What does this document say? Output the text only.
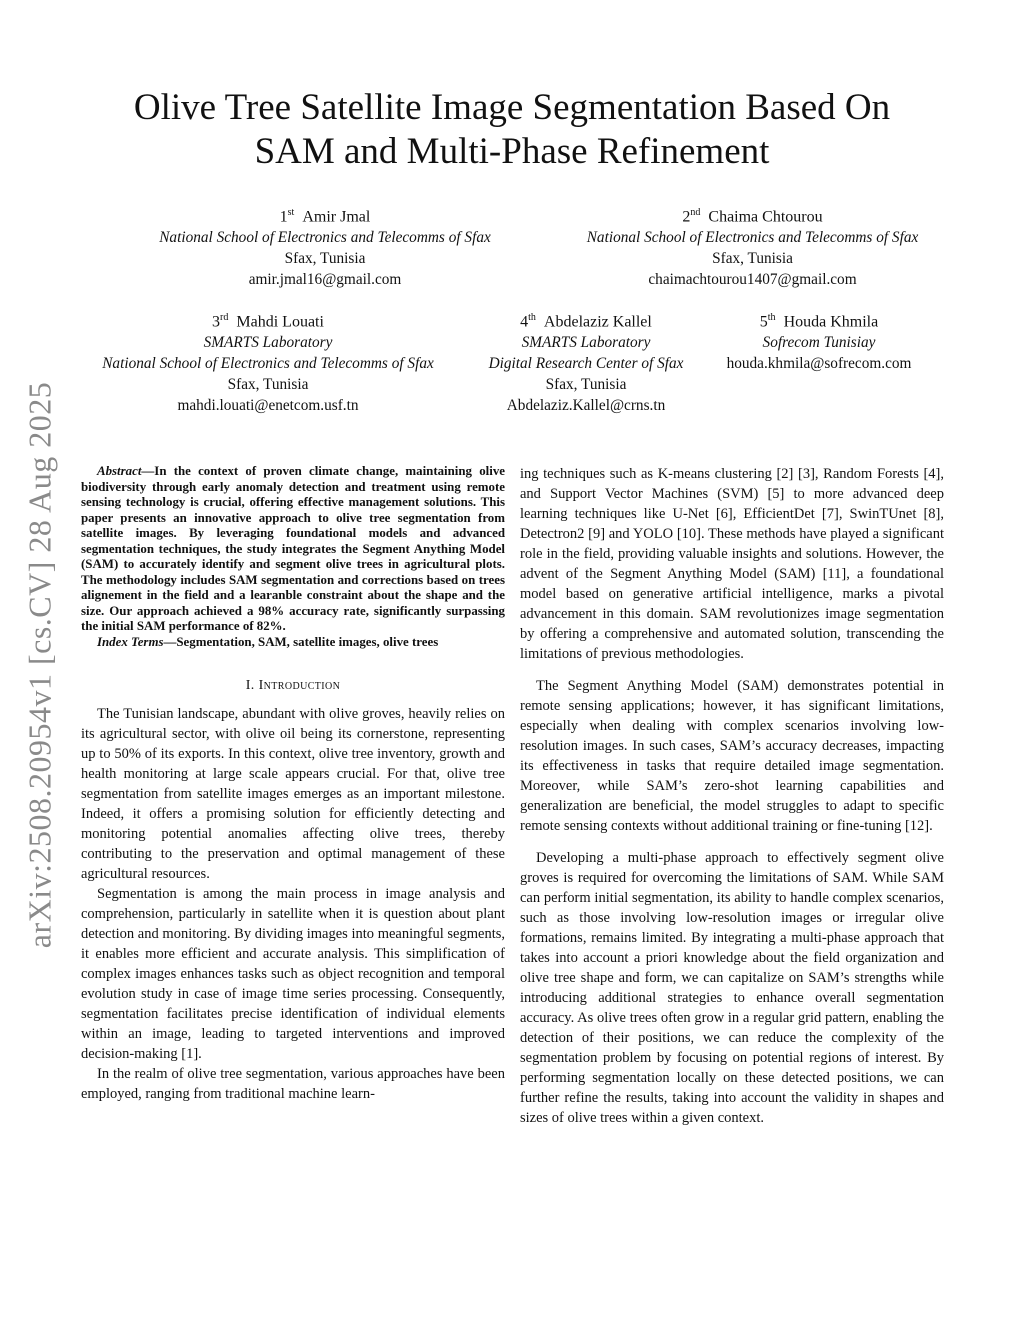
arXiv:2508.20954v1 [cs.CV] 28 Aug 2025
Olive Tree Satellite Image Segmentation Based On
SAM and Multi-Phase Refinement
1st Amir Jmal
National School of Electronics and Telecomms of Sfax
Sfax, Tunisia
amir.jmal16@gmail.com
2nd Chaima Chtourou
National School of Electronics and Telecomms of Sfax
Sfax, Tunisia
chaimachtourou1407@gmail.com
3rd Mahdi Louati
SMARTS Laboratory
National School of Electronics and Telecomms of Sfax
Sfax, Tunisia
mahdi.louati@enetcom.usf.tn
4th Abdelaziz Kallel
SMARTS Laboratory
Digital Research Center of Sfax
Sfax, Tunisia
Abdelaziz.Kallel@crns.tn
5th Houda Khmila
Sofrecom Tunisiay
houda.khmila@sofrecom.com

Abstract—In the context of proven climate change, maintaining olive biodiversity through early anomaly detection and treatment using remote sensing technology is crucial, offering effective management solutions. This paper presents an innovative approach to olive tree segmentation from satellite images. By leveraging foundational models and advanced segmentation techniques, the study integrates the Segment Anything Model (SAM) to accurately identify and segment olive trees in agricultural plots. The methodology includes SAM segmentation and corrections based on trees alignement in the field and a learanble constraint about the shape and the size. Our approach achieved a 98% accuracy rate, significantly surpassing the initial SAM performance of 82%.

Index Terms—Segmentation, SAM, satellite images, olive trees

I. Introduction

The Tunisian landscape, abundant with olive groves, heavily relies on its agricultural sector, with olive oil being its cornerstone, representing up to 50% of its exports. In this context, olive tree inventory, growth and health monitoring at large scale appears crucial. For that, olive tree segmentation from satellite images emerges as an important milestone. Indeed, it offers a promising solution for efficiently detecting and monitoring potential anomalies affecting olive trees, thereby contributing to the preservation and optimal management of these agricultural resources.

Segmentation is among the main process in image analysis and comprehension, particularly in satellite when it is question about plant detection and monitoring. By dividing images into meaningful segments, it enables more efficient and accurate analysis. This simplification of complex images enhances tasks such as object recognition and temporal evolution study in case of image time series processing. Consequently, segmentation facilitates precise identification of individual elements within an image, leading to targeted interventions and improved decision-making [1].

In the realm of olive tree segmentation, various approaches have been employed, ranging from traditional machine learn-

ing techniques such as K-means clustering [2] [3], Random Forests [4], and Support Vector Machines (SVM) [5] to more advanced deep learning techniques like U-Net [6], EfficientDet [7], SwinTUnet [8], Detectron2 [9] and YOLO [10]. These methods have played a significant role in the field, providing valuable insights and solutions. However, the advent of the Segment Anything Model (SAM) [11], a foundational model based on generative artificial intelligence, marks a pivotal advancement in this domain. SAM revolutionizes image segmentation by offering a comprehensive and automated solution, transcending the limitations of previous methodologies.

The Segment Anything Model (SAM) demonstrates potential in remote sensing applications; however, it has significant limitations, especially when dealing with complex scenarios involving low-resolution images. In such cases, SAM’s accuracy decreases, impacting its effectiveness in tasks that require detailed image segmentation. Moreover, while SAM’s zero-shot learning capabilities and generalization are beneficial, the model struggles to adapt to specific remote sensing contexts without additional training or fine-tuning [12].

Developing a multi-phase approach to effectively segment olive groves is required for overcoming the limitations of SAM. While SAM can perform initial segmentation, its ability to handle complex scenarios, such as those involving low-resolution images or irregular olive formations, remains limited. By integrating a multi-phase approach that takes into account a priori knowledge about the field organization and olive tree shape and form, we can capitalize on SAM’s strengths while introducing additional strategies to enhance overall segmentation accuracy. As olive trees often grow in a regular grid pattern, enabling the detection of their positions, we can reduce the complexity of the segmentation problem by focusing on potential regions of interest. By performing segmentation locally on these detected positions, we can further refine the results, taking into account the validity in shapes and sizes of olive trees within a given context.
